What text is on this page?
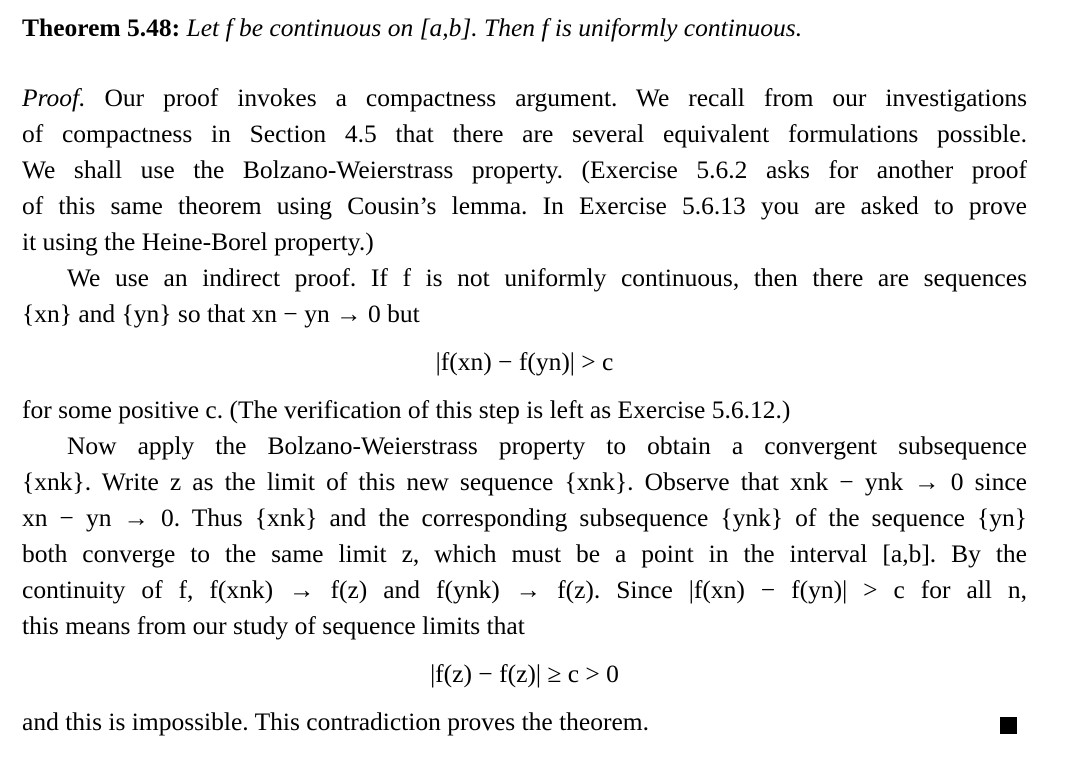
Theorem 5.48: Let f be continuous on [a,b]. Then f is uniformly continuous.
Proof. Our proof invokes a compactness argument. We recall from our investigations
of compactness in Section 4.5 that there are several equivalent formulations possible.
We shall use the Bolzano-Weierstrass property. (Exercise 5.6.2 asks for another proof
of this same theorem using Cousin’s lemma. In Exercise 5.6.13 you are asked to prove
it using the Heine-Borel property.)
We use an indirect proof. If f is not uniformly continuous, then there are sequences
{xn} and {yn} so that xn − yn → 0 but
|f(xn) − f(yn)| > c
for some positive c. (The verification of this step is left as Exercise 5.6.12.)
Now apply the Bolzano-Weierstrass property to obtain a convergent subsequence
{xnk}. Write z as the limit of this new sequence {xnk}. Observe that xnk − ynk → 0 since
xn − yn → 0. Thus {xnk} and the corresponding subsequence {ynk} of the sequence {yn}
both converge to the same limit z, which must be a point in the interval [a,b]. By the
continuity of f, f(xnk) → f(z) and f(ynk) → f(z). Since |f(xn) − f(yn)| > c for all n,
this means from our study of sequence limits that
|f(z) − f(z)| ≥ c > 0
and this is impossible. This contradiction proves the theorem.
